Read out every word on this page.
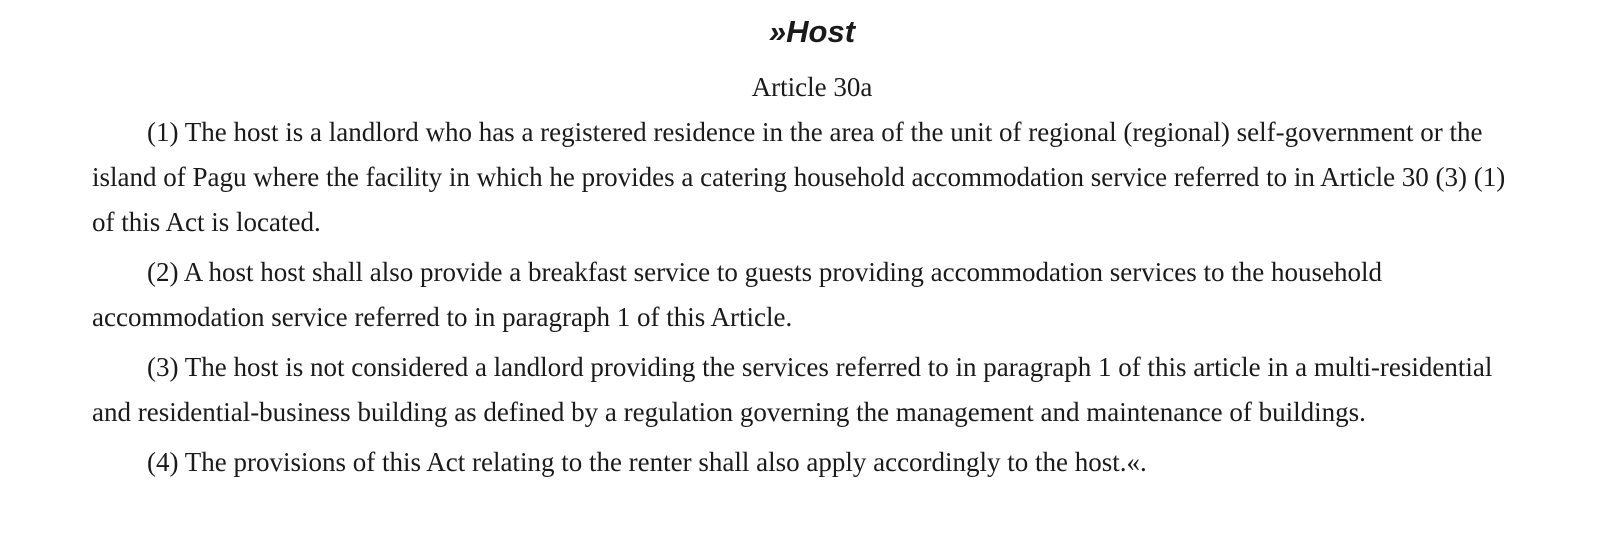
»Host
Article 30a

(1) The host is a landlord who has a registered residence in the area of the unit of regional (regional) self-government or the island of Pagu where the facility in which he provides a catering household accommodation service referred to in Article 30 (3) (1) of this Act is located.

(2) A host host shall also provide a breakfast service to guests providing accommodation services to the household accommodation service referred to in paragraph 1 of this Article.

(3) The host is not considered a landlord providing the services referred to in paragraph 1 of this article in a multi-residential and residential-business building as defined by a regulation governing the management and maintenance of buildings.

(4) The provisions of this Act relating to the renter shall also apply accordingly to the host.«.
